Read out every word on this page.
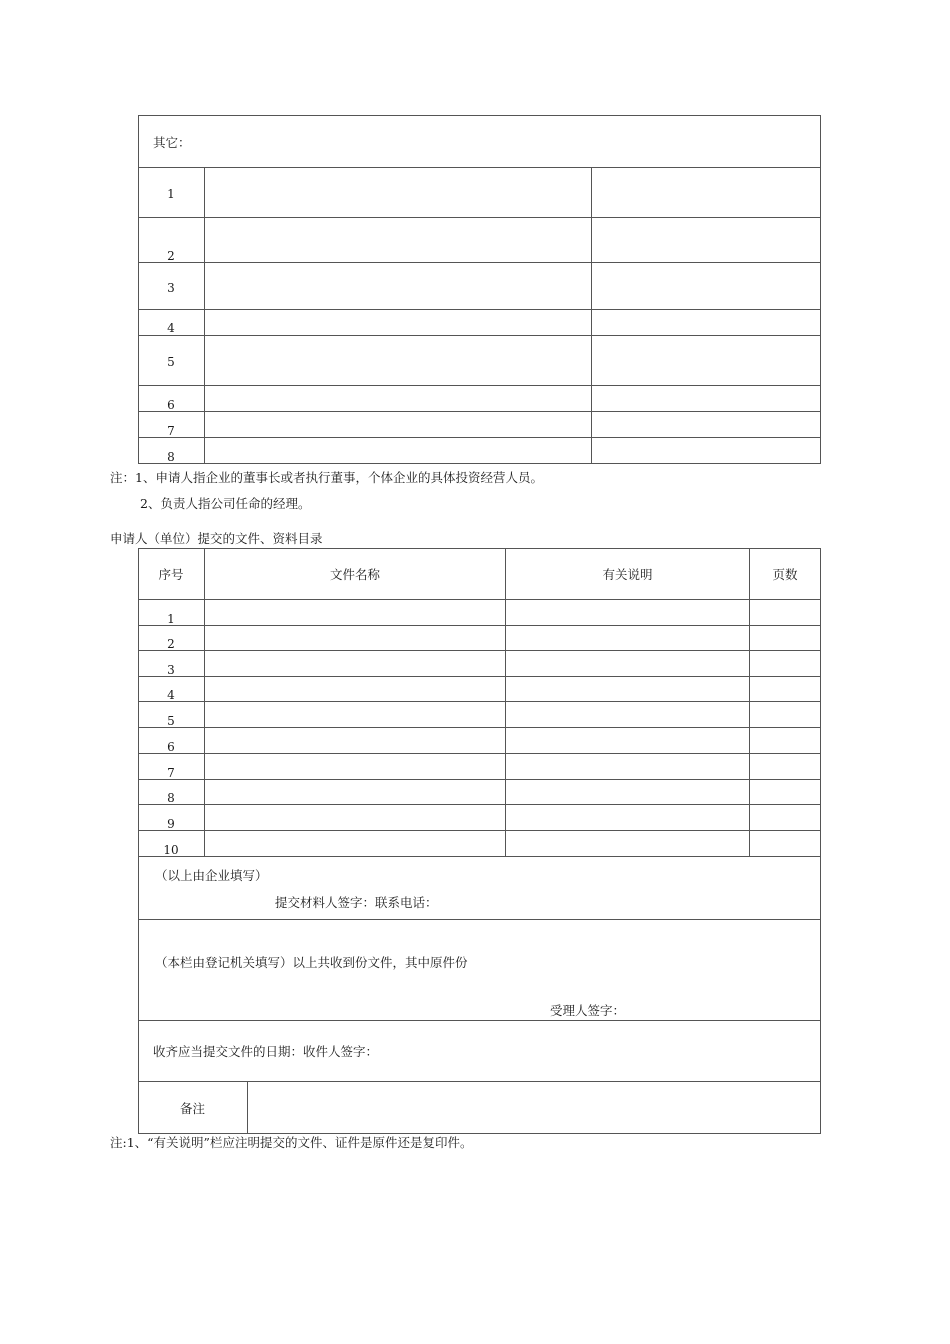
其它：
1
2
3
4
5
6
7
8
注：1、申请人指企业的董事长或者执行董事，个体企业的具体投资经营人员。
2、负责人指公司任命的经理。
申请人（单位）提交的文件、资料目录
序号	文件名称	有关说明	页数
1
2
3
4
5
6
7
8
9
10
（以上由企业填写）
提交材料人签字：联系电话：
（本栏由登记机关填写）以上共收到份文件，其中原件份
受理人签字：
收齐应当提交文件的日期：收件人签字：
备注
注:1、“有关说明”栏应注明提交的文件、证件是原件还是复印件。
